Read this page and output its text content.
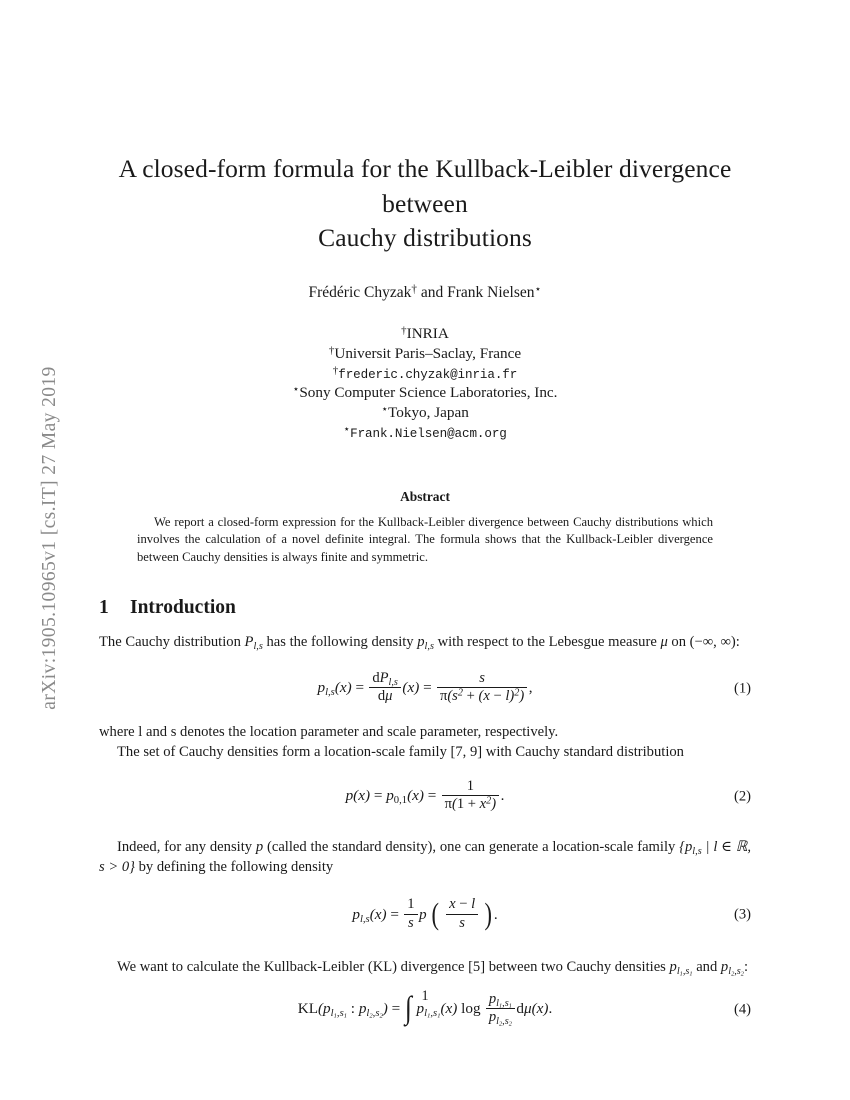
arXiv:1905.10965v1 [cs.IT] 27 May 2019
A closed-form formula for the Kullback-Leibler divergence between
Cauchy distributions
Frédéric Chyzak† and Frank Nielsen⋆
†INRIA
†Universit Paris–Saclay, France
†frederic.chyzak@inria.fr
⋆Sony Computer Science Laboratories, Inc.
⋆Tokyo, Japan
⋆Frank.Nielsen@acm.org
Abstract
We report a closed-form expression for the Kullback-Leibler divergence between Cauchy distributions which involves the calculation of a novel definite integral. The formula shows that the Kullback-Leibler divergence between Cauchy densities is always finite and symmetric.
1 Introduction

The Cauchy distribution $P_{l,s}$ has the following density $p_{l,s}$ with respect to the Lebesgue measure μ on (−∞, ∞):

$p_{l,s}(x) = \frac{dP_{l,s}}{d\mu} (x) = \frac{s}{\pi(s^2 + (x - l)^2)}$ ,	(1)

where l and s denotes the location parameter and scale parameter, respectively.

The set of Cauchy densities form a location-scale family [7, 9] with Cauchy standard distribution

$p(x) = p_{0,1}(x) = \frac{1}{\pi(1 + x^2)}$ .	(2)

Indeed, for any density p (called the standard density), one can generate a location-scale family {$p_{l,s}$ | l ∈ ℝ, s > 0} by defining the following density

$p_{l,s}(x) = \frac{1}{s}$ p ( $\frac{x - l}{s}$ ).	(3)

We want to calculate the Kullback-Leibler (KL) divergence [5] between two Cauchy densities $p_{l_1,s_1}$ and $p_{l_2,s_2}$:

$KL(p_{l_1,s_1}$ : $p_{l_2,s_2}$) = ∫ $p_{l_1,s_1}(x)$ $\log \frac{p_{l_1,s_1}}{p_{l_2,s_2}} d\mu(x)$.	(4)
1
